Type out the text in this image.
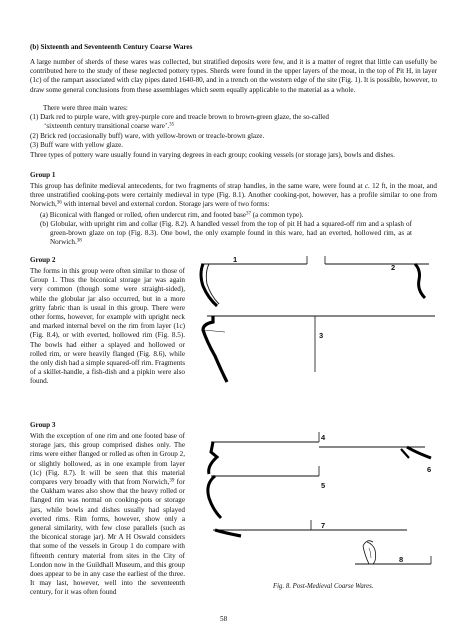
(b) Sixteenth and Seventeenth Century Coarse Wares

A large number of sherds of these wares was collected, but stratified deposits were few, and it is a matter of regret that little can usefully be contributed here to the study of these neglected pottery types. Sherds were found in the upper layers of the moat, in the top of Pit H, in layer (1c) of the rampart associated with clay pipes dated 1640-80, and in a trench on the western edge of the site (Fig. 1). It is possible, however, to draw some general conclusions from these assemblages which seem equally applicable to the material as a whole.

There were three main wares:

(1) Dark red to purple ware, with grey-purple core and treacle brown to brown-green glaze, the so-called
‘sixteenth century transitional coarse ware’.$^{35}$

(2) Brick red (occasionally buff) ware, with yellow-brown or treacle-brown glaze.

(3) Buff ware with yellow glaze.

Three types of pottery ware usually found in varying degrees in each group; cooking vessels (or storage jars), bowls and dishes.

Group 1

This group has definite medieval antecedents, for two fragments of strap handles, in the same ware, were found at c. 12 ft, in the moat, and three unstratified cooking-pots were certainly medieval in type (Fig. 8.1). Another cooking-pot, however, has a profile similar to one from Norwich,$^{36}$ with internal bevel and external cordon. Storage jars were of two forms:

(a) Biconical with flanged or rolled, often undercut rim, and footed base$^{37}$ (a common type).

(b) Globular, with upright rim and collar (Fig. 8.2). A handled vessel from the top of pit H had a squared-off rim and a splash of green-brown glaze on top (Fig. 8.3). One bowl, the only example found in this ware, had an everted, hollowed rim, as at Norwich.$^{38}$

Group 2

The forms in this group were often similar to those of Group 1. Thus the biconical storage jar was again very common (though some were straight-sided), while the globular jar also occurred, but in a more gritty fabric than is usual in this group. There were other forms, however, for example with upright neck and marked internal bevel on the rim from layer (1c) (Fig. 8.4), or with everted, hollowed rim (Fig. 8.5). The bowls had either a splayed and hollowed or rolled rim, or were heavily flanged (Fig. 8.6), while the only dish had a simple squared-off rim. Fragments of a skillet-handle, a fish-dish and a pipkin were also found.

Group 3

With the exception of one rim and one footed base of storage jars, this group comprised dishes only. The rims were either flanged or rolled as often in Group 2, or slightly hollowed, as in one example from layer (1c) (Fig. 8.7). It will be seen that this material compares very broadly with that from Norwich,$^{39}$ for the Oakham wares also show that the heavy rolled or flanged rim was normal on cooking-pots or storage jars, while bowls and dishes usually had splayed everted rims. Rim forms, however, show only a general similarity, with few close parallels (such as the biconical storage jar). Mr A H Oswald considers that some of the vessels in Group 1 do compare with fifteenth century material from sites in the City of London now in the Guildhall Museum, and this group does appear to be in any case the earliest of the three. It may last, however, well into the seventeenth century, for it was often found

1
2
3
4
5
6
7
8

Fig. 8. Post-Medieval Coarse Wares.

58
